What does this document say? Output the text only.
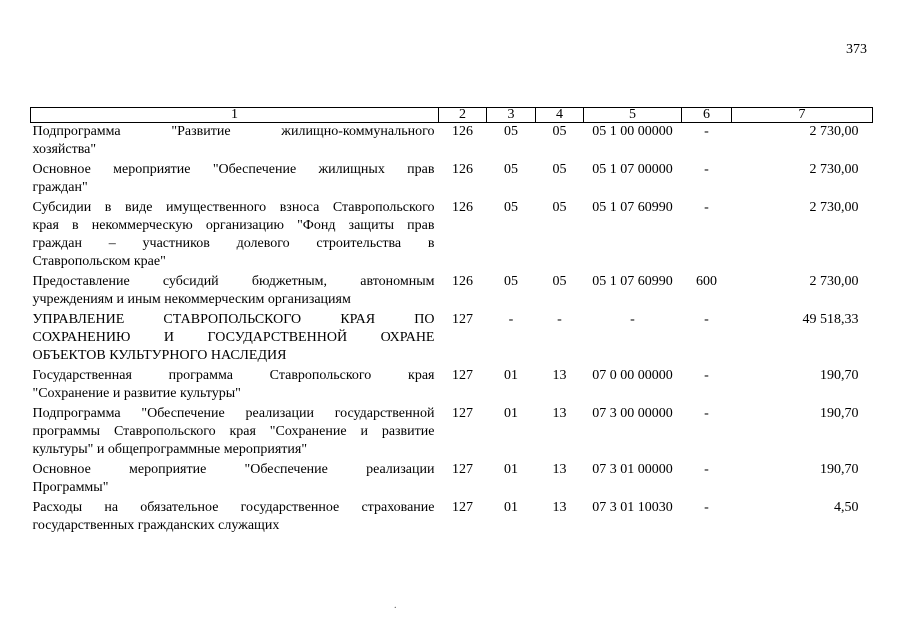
373
1	2	3	4	5	6	7

Подпрограмма "Развитие жилищно-коммунального
хозяйства"	126	05	05	05 1 00 00000	-	2 730,00

Основное мероприятие "Обеспечение жилищных прав
граждан"	126	05	05	05 1 07 00000	-	2 730,00

Субсидии в виде имущественного взноса Ставропольского
края в некоммерческую организацию "Фонд защиты прав
граждан – участников долевого строительства в
Ставропольском крае"	126	05	05	05 1 07 60990	-	2 730,00

Предоставление субсидий бюджетным, автономным
учреждениям и иным некоммерческим организациям	126	05	05	05 1 07 60990	600	2 730,00

УПРАВЛЕНИЕ СТАВРОПОЛЬСКОГО КРАЯ ПО
СОХРАНЕНИЮ И ГОСУДАРСТВЕННОЙ ОХРАНЕ
ОБЪЕКТОВ КУЛЬТУРНОГО НАСЛЕДИЯ	127	-	-	-	-	49 518,33

Государственная программа Ставропольского края
"Сохранение и развитие культуры"	127	01	13	07 0 00 00000	-	190,70

Подпрограмма "Обеспечение реализации государственной
программы Ставропольского края "Сохранение и развитие
культуры" и общепрограммные мероприятия"	127	01	13	07 3 00 00000	-	190,70

Основное мероприятие "Обеспечение реализации
Программы"	127	01	13	07 3 01 00000	-	190,70

Расходы на обязательное государственное страхование
государственных гражданских служащих	127	01	13	07 3 01 10030	-	4,50
.
